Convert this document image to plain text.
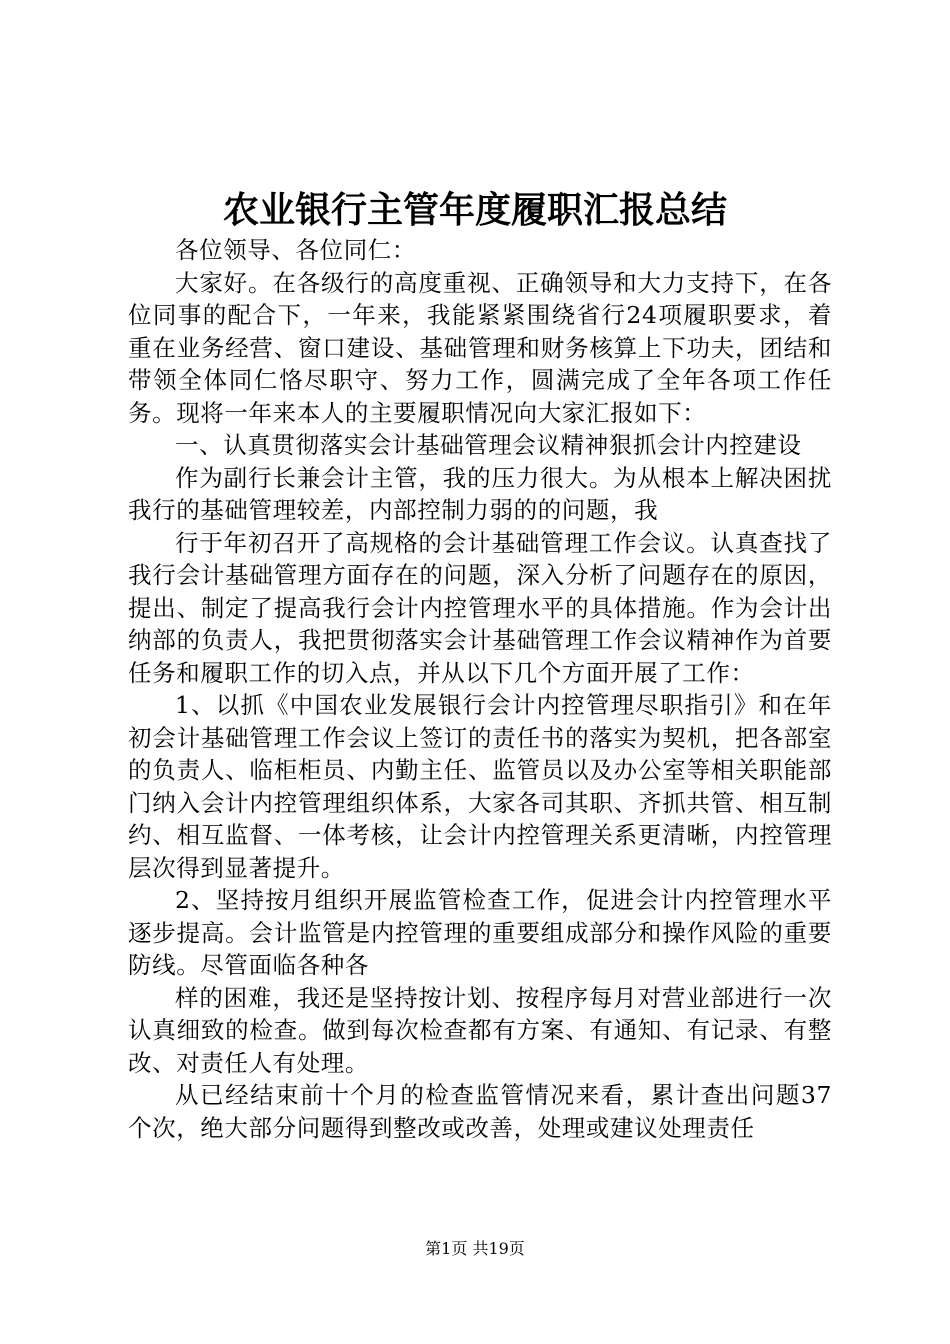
农业银行主管年度履职汇报总结

各位领导、各位同仁：

大家好。在各级行的高度重视、正确领导和大力支持下，在各位同事的配合下，一年来，我能紧紧围绕省行24项履职要求，着重在业务经营、窗口建设、基础管理和财务核算上下功夫，团结和带领全体同仁恪尽职守、努力工作，圆满完成了全年各项工作任务。现将一年来本人的主要履职情况向大家汇报如下：

一、认真贯彻落实会计基础管理会议精神狠抓会计内控建设

作为副行长兼会计主管，我的压力很大。为从根本上解决困扰我行的基础管理较差，内部控制力弱的的问题，我

行于年初召开了高规格的会计基础管理工作会议。认真查找了我行会计基础管理方面存在的问题，深入分析了问题存在的原因，提出、制定了提高我行会计内控管理水平的具体措施。作为会计出纳部的负责人，我把贯彻落实会计基础管理工作会议精神作为首要任务和履职工作的切入点，并从以下几个方面开展了工作：

1、以抓《中国农业发展银行会计内控管理尽职指引》和在年初会计基础管理工作会议上签订的责任书的落实为契机，把各部室的负责人、临柜柜员、内勤主任、监管员以及办公室等相关职能部门纳入会计内控管理组织体系，大家各司其职、齐抓共管、相互制约、相互监督、一体考核，让会计内控管理关系更清晰，内控管理层次得到显著提升。

2、坚持按月组织开展监管检查工作，促进会计内控管理水平逐步提高。会计监管是内控管理的重要组成部分和操作风险的重要防线。尽管面临各种各

样的困难，我还是坚持按计划、按程序每月对营业部进行一次认真细致的检查。做到每次检查都有方案、有通知、有记录、有整改、对责任人有处理。

从已经结束前十个月的检查监管情况来看，累计查出问题37个次，绝大部分问题得到整改或改善，处理或建议处理责任

第1页 共19页
